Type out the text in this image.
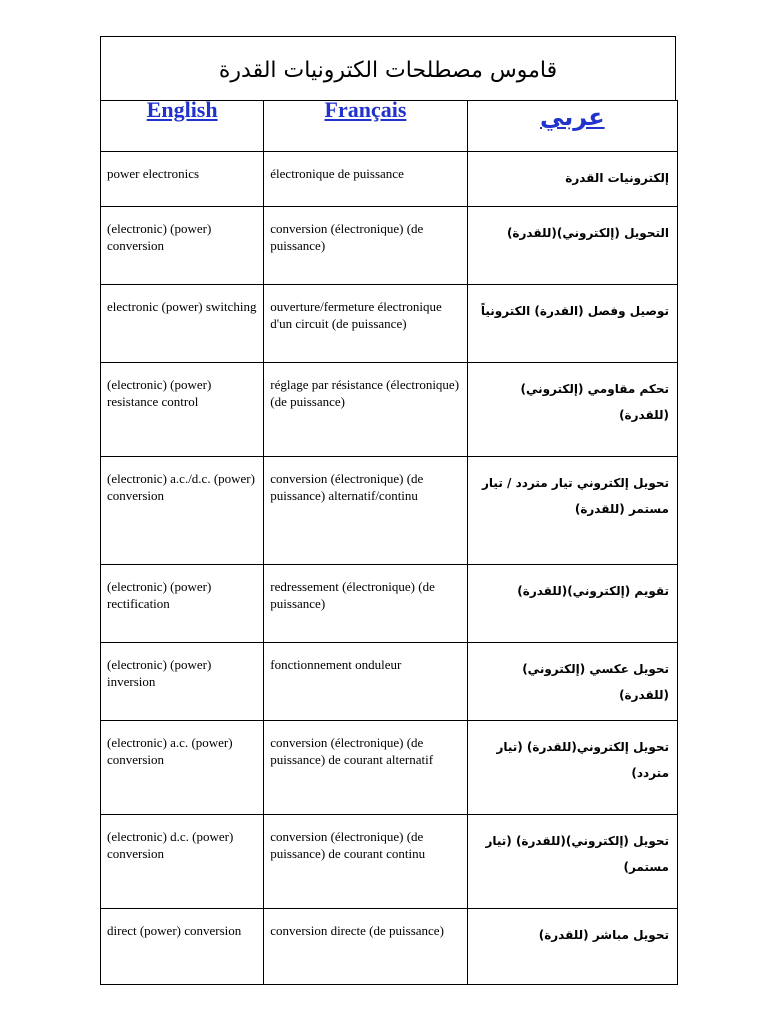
قاموس مصطلحات الكترونيات القدرة
English	Français	عربي

power electronics	électronique de puissance	إلكترونيات القدرة

(electronic) (power) conversion	conversion (électronique) (de puissance)	التحويل (إلكتروني)(للقدرة)

electronic (power) switching	ouverture/fermeture électronique d'un circuit (de puissance)	توصيل وفصل (القدرة) الكترونياً

(electronic) (power) resistance control	réglage par résistance (électronique) (de puissance)	تحكم مقاومي (إلكتروني)(للقدرة)

(electronic) a.c./d.c. (power) conversion	conversion (électronique) (de puissance) alternatif/continu	تحويل إلكتروني تيار متردد / تيار مستمر (للقدرة)

(electronic) (power) rectification	redressement (électronique) (de puissance)	تقويم (إلكتروني)(للقدرة)

(electronic) (power) inversion	fonctionnement onduleur	تحويل عكسي (إلكتروني)(للقدرة)

(electronic) a.c. (power) conversion	conversion (électronique) (de puissance) de courant alternatif	تحويل إلكتروني(للقدرة) (تيار متردد)

(electronic) d.c. (power) conversion	conversion (électronique) (de puissance) de courant continu	تحويل (إلكتروني)(للقدرة) (تيار مستمر)

direct (power) conversion	conversion directe (de puissance)	تحويل مباشر (للقدرة)
